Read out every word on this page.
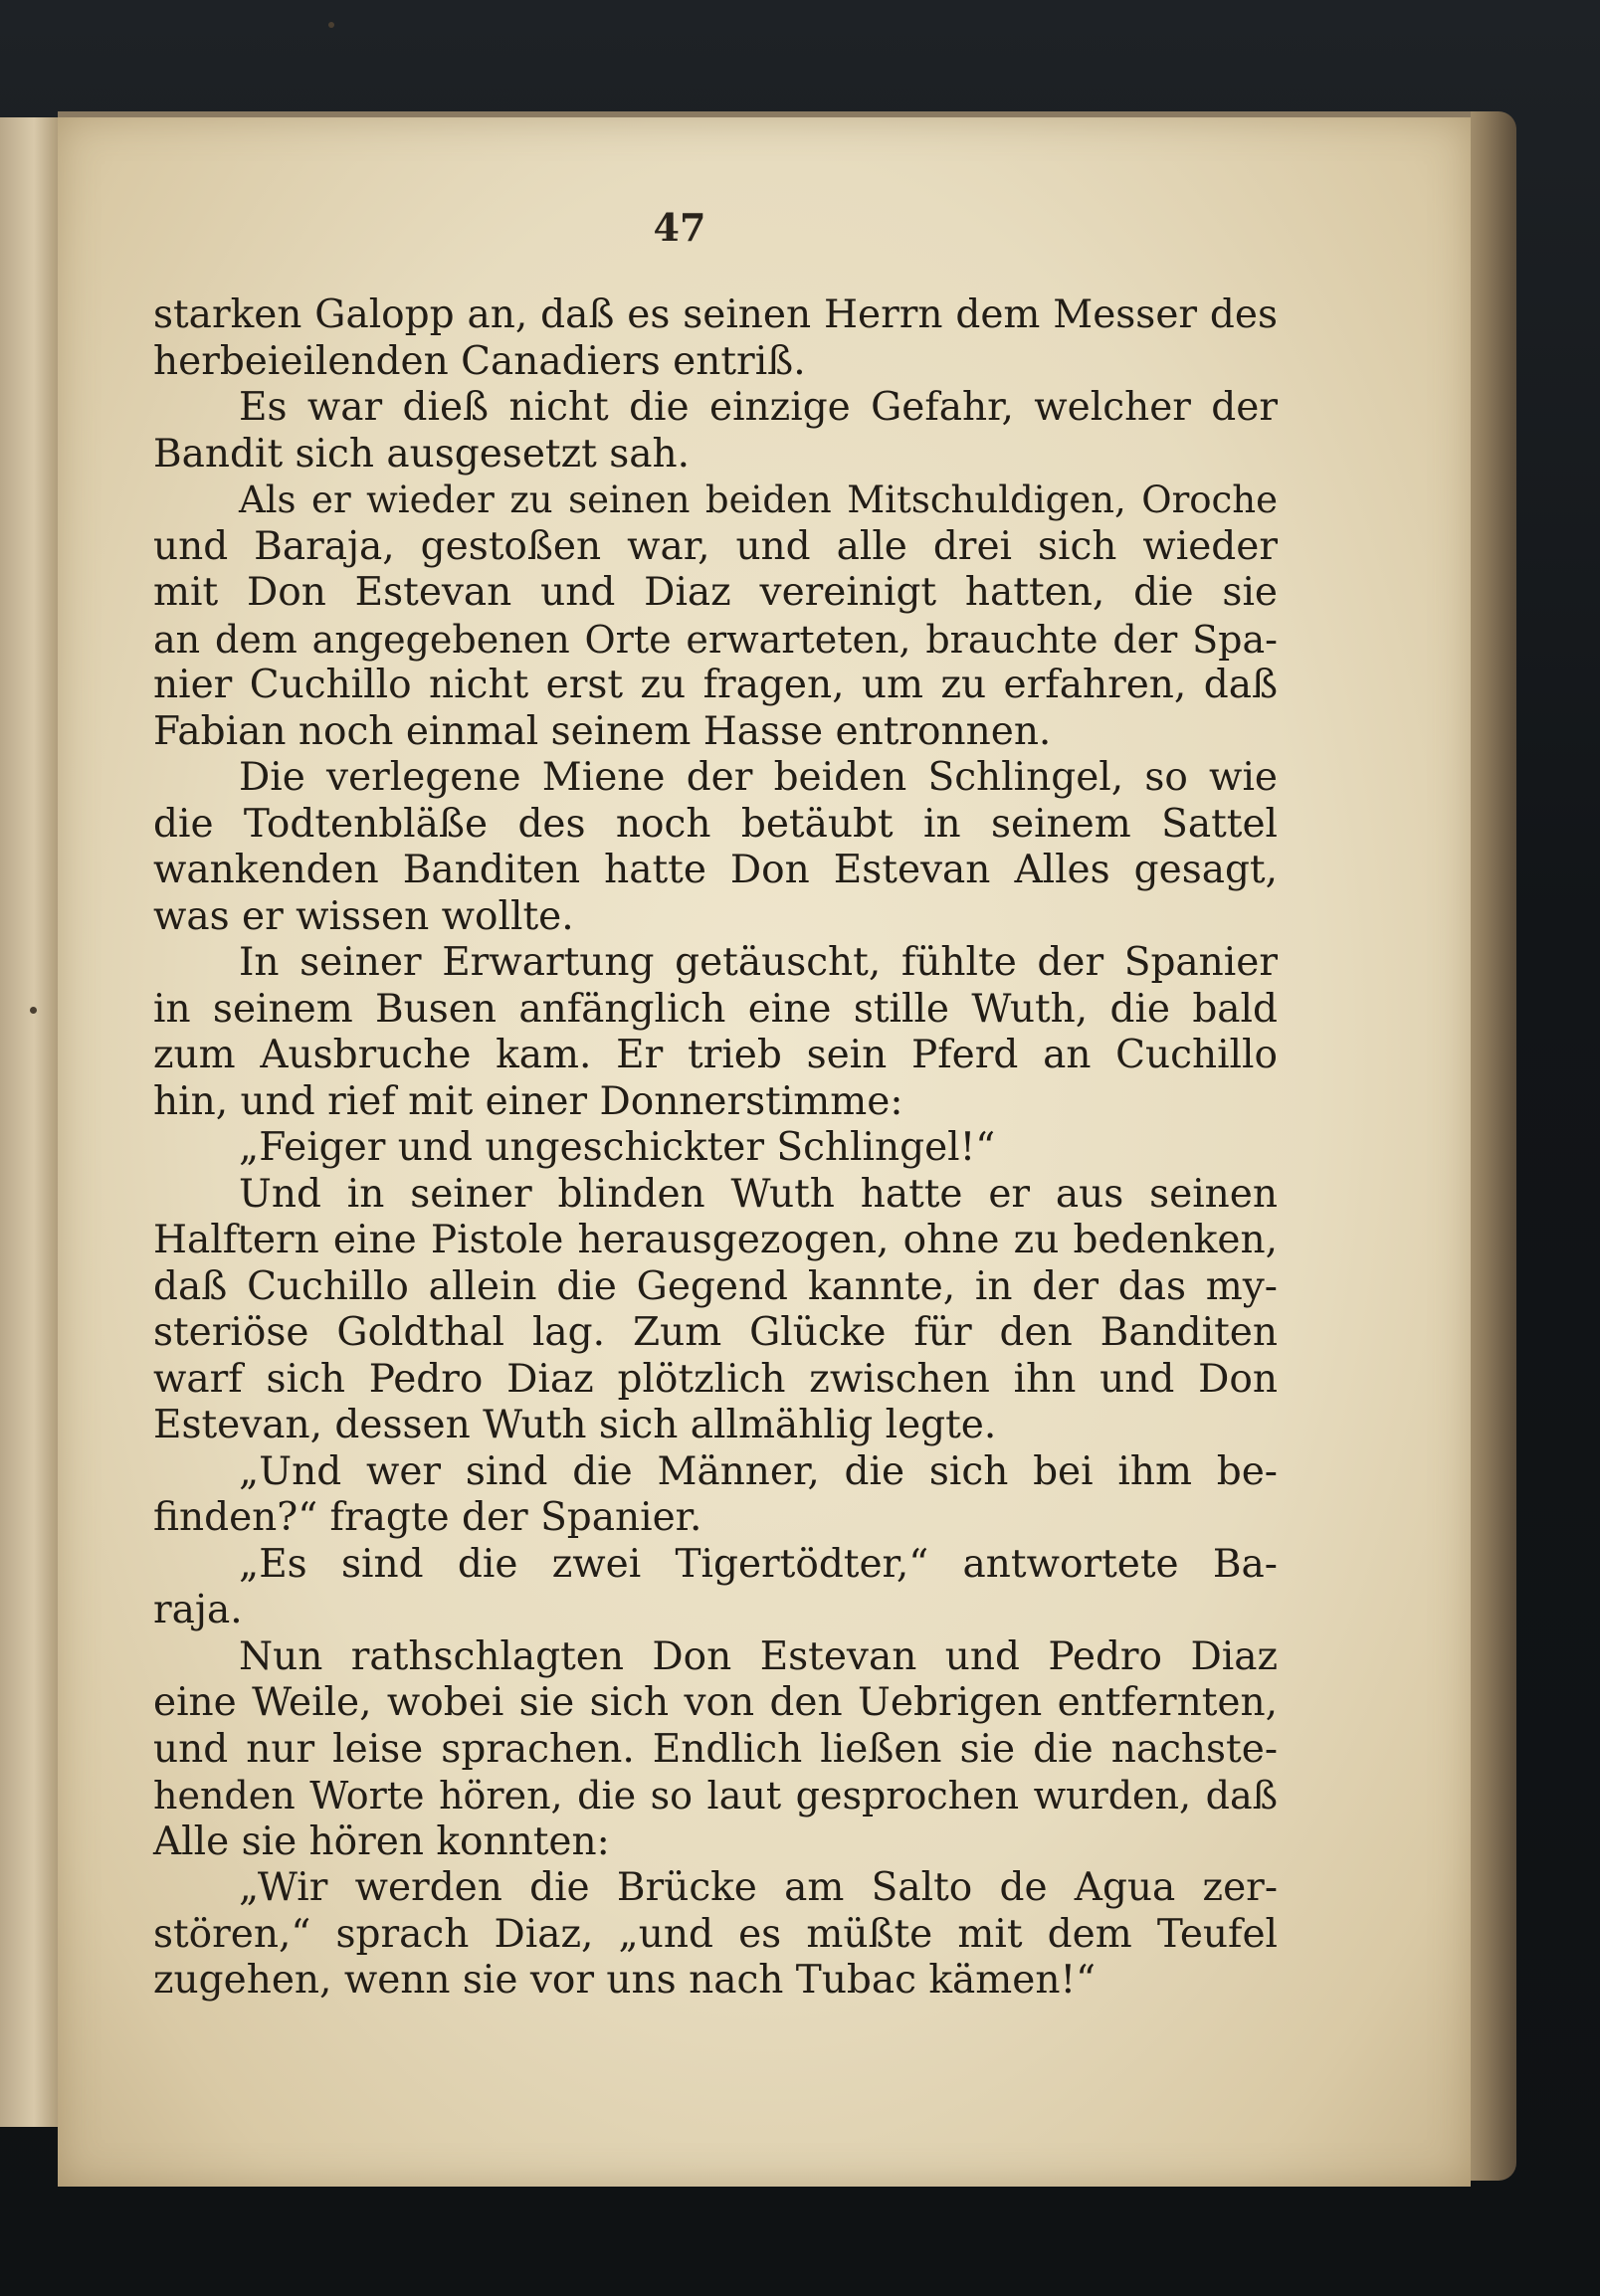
47
starken Galopp an, daß es seinen Herrn dem Messer des
herbeieilenden Canadiers entriß.
Es war dieß nicht die einzige Gefahr, welcher der
Bandit sich ausgesetzt sah.
Als er wieder zu seinen beiden Mitschuldigen, Oroche
und Baraja, gestoßen war, und alle drei sich wieder
mit Don Estevan und Diaz vereinigt hatten, die sie
an dem angegebenen Orte erwarteten, brauchte der Spa-
nier Cuchillo nicht erst zu fragen, um zu erfahren, daß
Fabian noch einmal seinem Hasse entronnen.
Die verlegene Miene der beiden Schlingel, so wie
die Todtenbläße des noch betäubt in seinem Sattel
wankenden Banditen hatte Don Estevan Alles gesagt,
was er wissen wollte.
In seiner Erwartung getäuscht, fühlte der Spanier
in seinem Busen anfänglich eine stille Wuth, die bald
zum Ausbruche kam. Er trieb sein Pferd an Cuchillo
hin, und rief mit einer Donnerstimme:
„Feiger und ungeschickter Schlingel!“
Und in seiner blinden Wuth hatte er aus seinen
Halftern eine Pistole herausgezogen, ohne zu bedenken,
daß Cuchillo allein die Gegend kannte, in der das my-
steriöse Goldthal lag. Zum Glücke für den Banditen
warf sich Pedro Diaz plötzlich zwischen ihn und Don
Estevan, dessen Wuth sich allmählig legte.
„Und wer sind die Männer, die sich bei ihm be-
finden?“ fragte der Spanier.
„Es sind die zwei Tigertödter,“ antwortete Ba-
raja.
Nun rathschlagten Don Estevan und Pedro Diaz
eine Weile, wobei sie sich von den Uebrigen entfernten,
und nur leise sprachen. Endlich ließen sie die nachste-
henden Worte hören, die so laut gesprochen wurden, daß
Alle sie hören konnten:
„Wir werden die Brücke am Salto de Agua zer-
stören,“ sprach Diaz, „und es müßte mit dem Teufel
zugehen, wenn sie vor uns nach Tubac kämen!“
